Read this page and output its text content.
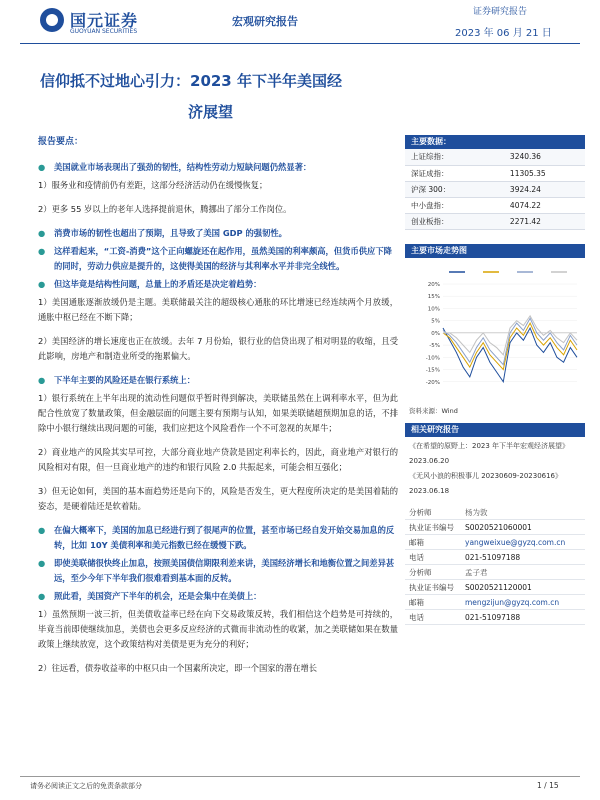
国元证券
GUOYUAN SECURITIES
宏观研究报告
证券研究报告
2023 年 06 月 21 日
信仰抵不过地心引力：2023 年下半年美国经
济展望
报告要点：
● 美国就业市场表现出了强劲的韧性，结构性劳动力短缺问题仍然显著：
1）服务业和疫情前仍有差距，这部分经济活动仍在缓慢恢复；
2）更多 55 岁以上的老年人选择提前退休，腾挪出了部分工作岗位。
● 消费市场的韧性也超出了预期，且导致了美国 GDP 的强韧性。
● 这样看起来，“工资-消费”这个正向螺旋还在起作用，虽然美国的利率颇高，但货币供应下降的同时，劳动力供应是提升的，这使得美国的经济与其利率水平并非完全线性。
● 但这毕竟是结构性问题，总量上的矛盾还是决定着趋势：
1）美国通胀逐渐放缓仍是主题。美联储最关注的超级核心通胀的环比增速已经连续两个月放缓，通胀中枢已经在不断下降；
2）美国经济的增长速度也正在放缓。去年 7 月份始，银行业的信贷出现了相对明显的收缩，且受此影响，房地产和制造业所受的拖累偏大。
● 下半年主要的风险还是在银行系统上：
1）银行系统在上半年出现的流动性问题似乎暂时得到解决，美联储虽然在上调利率水平，但为此配合性放宽了数量政策，但金融层面的问题主要有预期与认知，如果美联储超预期加息的话，不排除中小银行继续出现问题的可能，我们应把这个风险看作一个不可忽视的灰犀牛；
2）商业地产的风险其实早可控，大部分商业地产贷款是固定利率长约，因此，商业地产对银行的风险相对有限，但一旦商业地产的违约和银行风险 2.0 共振起来，可能会相互强化；
3）但无论如何，美国的基本面趋势还是向下的，风险是否发生，更大程度所决定的是美国着陆的姿态，是硬着陆还是软着陆。
● 在偏大概率下，美国的加息已经进行到了很尾声的位置，甚至市场已经自发开始交易加息的反转，比如 10Y 美债利率和美元指数已经在缓慢下跌。
● 即使美联储很快终止加息，按照美国债信期限利差来讲，美国经济增长和地衡位置之间差异甚远，至少今年下半年我们很难看到基本面的反转。
● 照此看，美国资产下半年的机会，还是会集中在美债上：
1）虽然预期一波三折，但美债收益率已经在向下交易政策反转，我们相信这个趋势是可持续的，毕竟当前即使继续加息，美债也会更多反应经济的式微而非流动性的收紧，加之美联储如果在数量政策上继续放宽，这个政策结构对美债是更为充分的利好；
2）往远看，债券收益率的中枢只由一个国素所决定，即一个国家的潜在增长
主要数据：
上证综指：	3240.36
深证成指：	11305.35
沪深 300：	3924.24
中小盘指：	4074.22
创业板指：	2271.42
主要市场走势图
20%
15%
10%
5%
0%
-5%
-10%
-15%
-20%
资料来源：Wind
相关研究报告
《在希望的原野上：2023 年下半年宏观经济展望》2023.06.20
《无风小浪的积极事儿 20230609-20230616》2023.06.18
分析师	杨为敦
执业证书编号	S0020521060001
邮箱	yangweixue@gyzq.com.cn
电话	021-51097188
分析师	孟子君
执业证书编号	S0020521120001
邮箱	mengzijun@gyzq.com.cn
电话	021-51097188
请务必阅读正文之后的免责条款部分	1 / 15
